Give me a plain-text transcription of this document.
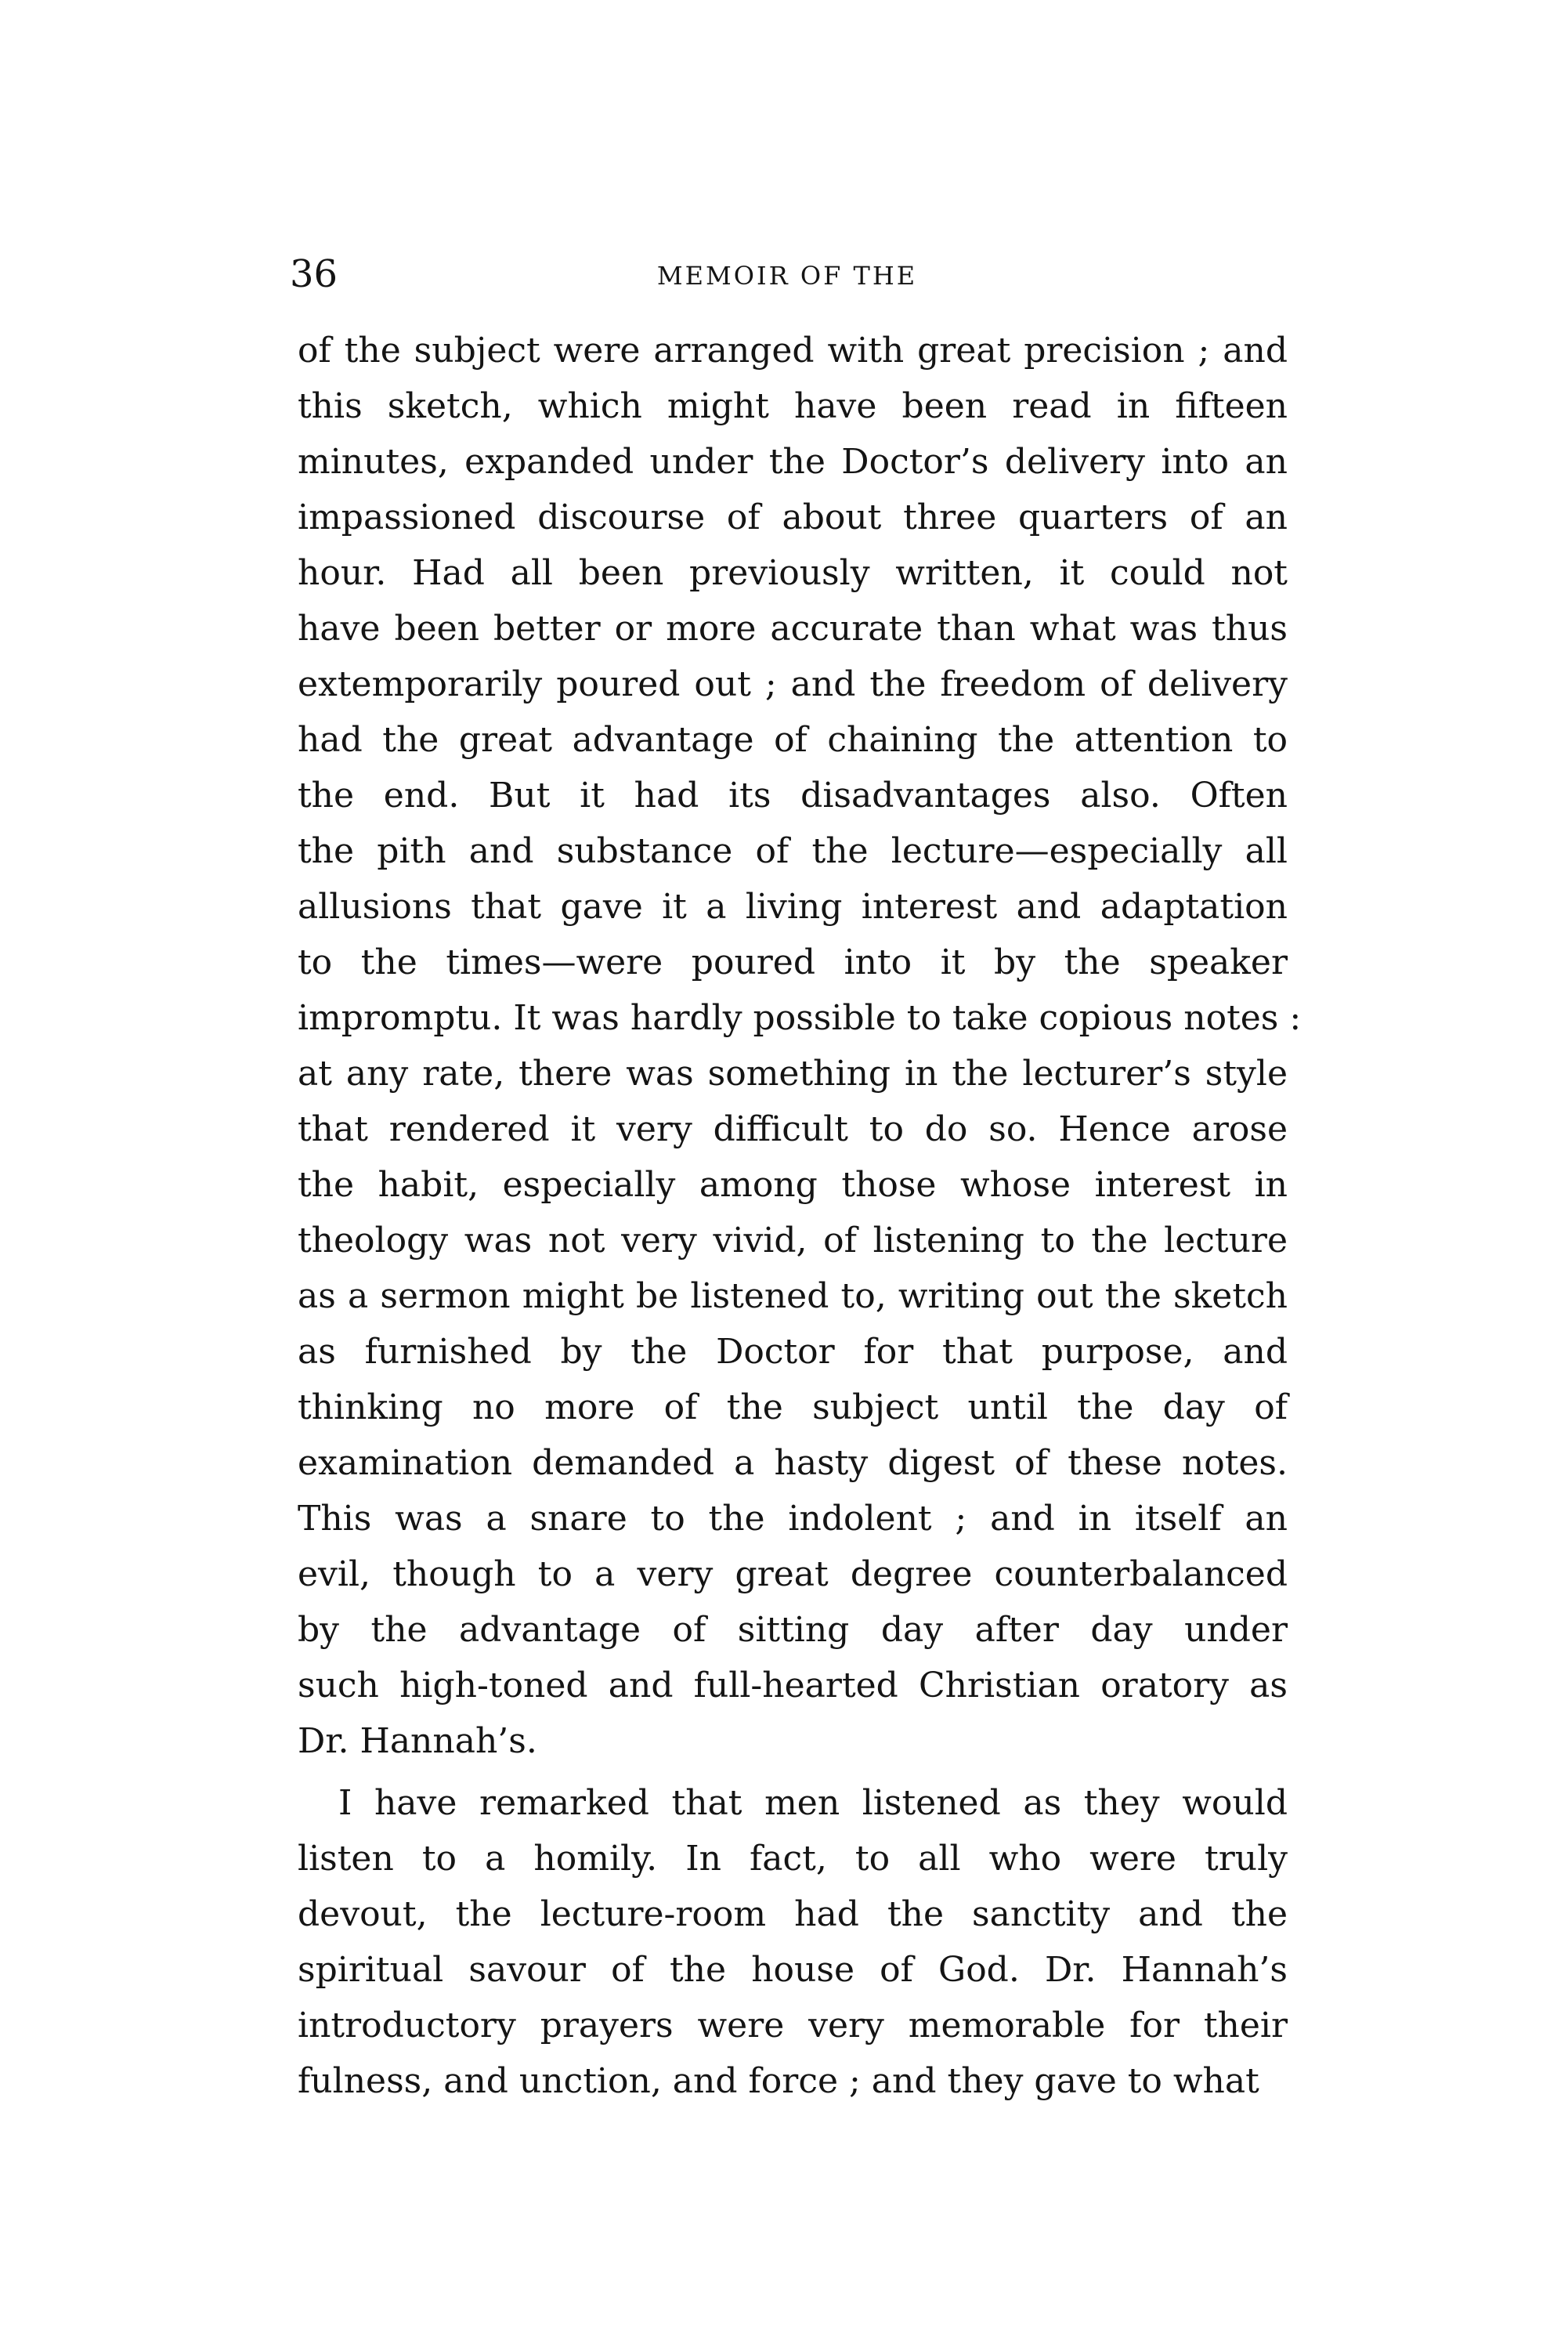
36	MEMOIR OF THE
of the subject were arranged with great precision ; and
this sketch, which might have been read in fifteen
minutes, expanded under the Doctor’s delivery into an
impassioned discourse of about three quarters of an
hour. Had all been previously written, it could not
have been better or more accurate than what was thus
extemporarily poured out ; and the freedom of delivery
had the great advantage of chaining the attention to
the end. But it had its disadvantages also. Often
the pith and substance of the lecture—especially all
allusions that gave it a living interest and adaptation
to the times—were poured into it by the speaker
impromptu. It was hardly possible to take copious notes :
at any rate, there was something in the lecturer’s style
that rendered it very difficult to do so. Hence arose
the habit, especially among those whose interest in
theology was not very vivid, of listening to the lecture
as a sermon might be listened to, writing out the sketch
as furnished by the Doctor for that purpose, and
thinking no more of the subject until the day of
examination demanded a hasty digest of these notes.
This was a snare to the indolent ; and in itself an
evil, though to a very great degree counterbalanced
by the advantage of sitting day after day under
such high-toned and full-hearted Christian oratory as
Dr. Hannah’s.
I have remarked that men listened as they would
listen to a homily. In fact, to all who were truly
devout, the lecture-room had the sanctity and the
spiritual savour of the house of God. Dr. Hannah’s
introductory prayers were very memorable for their
fulness, and unction, and force ; and they gave to what
